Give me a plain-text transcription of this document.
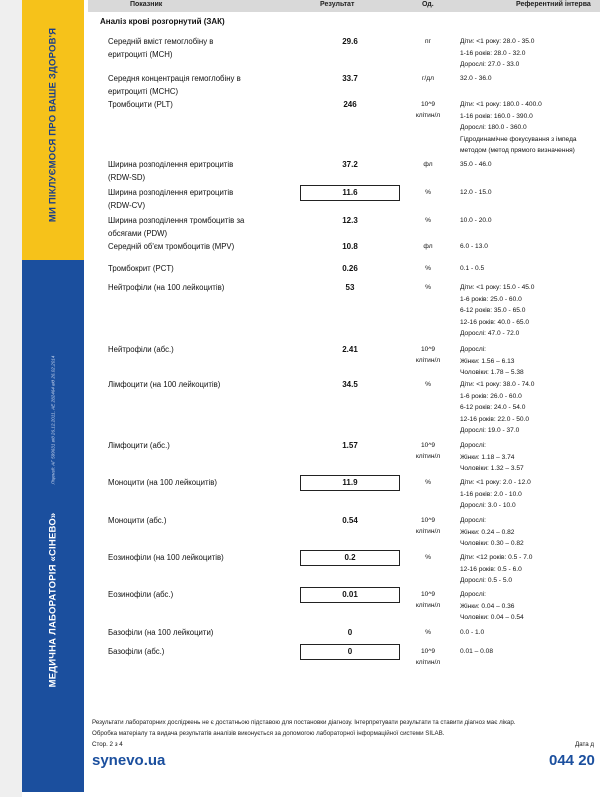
МИ ПІКЛУЄМОСЯ ПРО ВАШЕ ЗДОРОВ'Я
Ліцензії: АГ 599631 від 26.12.2011, АЕ 282464 від 26.02.2014
МЕДИЧНА ЛАБОРАТОРІЯ «СІНЕВО»
Показник	Результат	Од.	Референтний інтерва
Аналіз крові розгорнутий (ЗАК)
Середній вміст гемоглобіну в
еритроциті (MCH)
29.6	пг	Діти: <1 року: 28.0 - 35.0
1-16 років: 28.0 - 32.0
Дорослі: 27.0 - 33.0
Середня концентрація гемоглобіну в
еритроциті (MCHC)
33.7	г/дл	32.0 - 36.0
Тромбоцити (PLT)	246	10^9
клітин/л
Діти: <1 року: 180.0 - 400.0
1-16 років: 160.0 - 390.0
Дорослі: 180.0 - 360.0
Гідродинамічне фокусування з імпеда
методом (метод прямого визначення)
Ширина розподілення еритроцитів
(RDW-SD)
37.2	фл	35.0 - 46.0
Ширина розподілення еритроцитів
(RDW-CV)
11.6	%	12.0 - 15.0
Ширина розподілення тромбоцитів за
обсягами (PDW)
12.3	%	10.0 - 20.0
Середній об'єм тромбоцитів (MPV)	10.8	фл	6.0 - 13.0
Тромбокрит (PCT)	0.26	%	0.1 - 0.5
Нейтрофіли (на 100 лейкоцитів)	53	%	Діти: <1 року: 15.0 - 45.0
1-6 років: 25.0 - 60.0
6-12 років: 35.0 - 65.0
12-16 років: 40.0 - 65.0
Дорослі: 47.0 - 72.0
Нейтрофіли (абс.)	2.41	10^9
клітин/л
Дорослі:
Жінки: 1.56 – 6.13
Чоловіки: 1.78 – 5.38
Лімфоцити (на 100 лейкоцитів)	34.5	%	Діти: <1 року: 38.0 - 74.0
1-6 років: 26.0 - 60.0
6-12 років: 24.0 - 54.0
12-16 років: 22.0 - 50.0
Дорослі: 19.0 - 37.0
Лімфоцити (абс.)	1.57	10^9
клітин/л
Дорослі:
Жінки: 1.18 – 3.74
Чоловіки: 1.32 – 3.57
Моноцити (на 100 лейкоцитів)	11.9	%	Діти: <1 року: 2.0 - 12.0
1-16 років: 2.0 - 10.0
Дорослі: 3.0 - 10.0
Моноцити (абс.)	0.54	10^9
клітин/л
Дорослі:
Жінки: 0.24 – 0.82
Чоловіки: 0.30 – 0.82
Еозинофіли (на 100 лейкоцитів)	0.2	%	Діти: <12 років: 0.5 - 7.0
12-16 років: 0.5 - 6.0
Дорослі: 0.5 - 5.0
Еозинофіли (абс.)	0.01	10^9
клітин/л
Дорослі:
Жінки: 0.04 – 0.36
Чоловіки: 0.04 – 0.54
Базофіли (на 100 лейкоцити)	0	%	0.0 - 1.0
Базофіли (абс.)	0	10^9
клітин/л
0.01 – 0.08
Результати лабораторних досліджень не є достатньою підставою для постановки діагнозу. Інтерпретувати результати та ставити діагноз має лікар.
Обробка матеріалу та видача результатів аналізів виконується за допомогою лабораторної інформаційної системи SILAB.
Стор. 2 з 4	Дата д
synevo.ua	044 20
